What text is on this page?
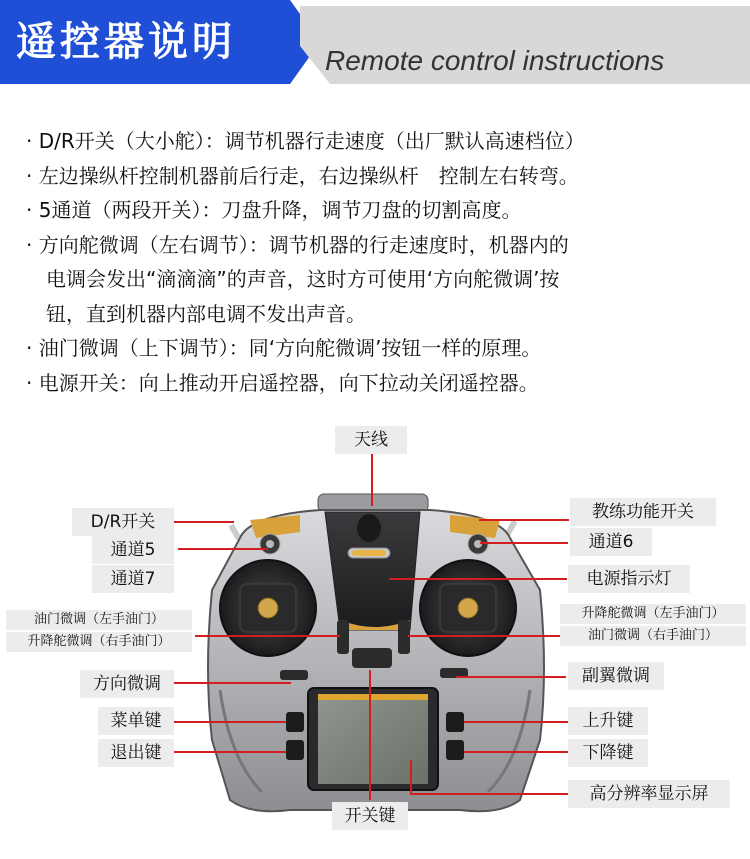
遥控器说明	Remote control instructions
· D/R开关（大小舵）：调节机器行走速度（出厂默认高速档位）
· 左边操纵杆控制机器前后行走，右边操纵杆　控制左右转弯。
· 5通道（两段开关）：刀盘升降，调节刀盘的切割高度。
· 方向舵微调（左右调节）：调节机器的行走速度时，机器内的
电调会发出“滴滴滴”的声音，这时方可使用‘方向舵微调’按
钮，直到机器内部电调不发出声音。
· 油门微调（上下调节）：同‘方向舵微调’按钮一样的原理。
· 电源开关：向上推动开启遥控器，向下拉动关闭遥控器。
天线
D/R开关
通道5
通道7
油门微调（左手油门）
升降舵微调（右手油门）
方向微调
菜单键
退出键
开关键
教练功能开关
通道6
电源指示灯
升降舵微调（左手油门）
油门微调（右手油门）
副翼微调
上升键
下降键
高分辨率显示屏
